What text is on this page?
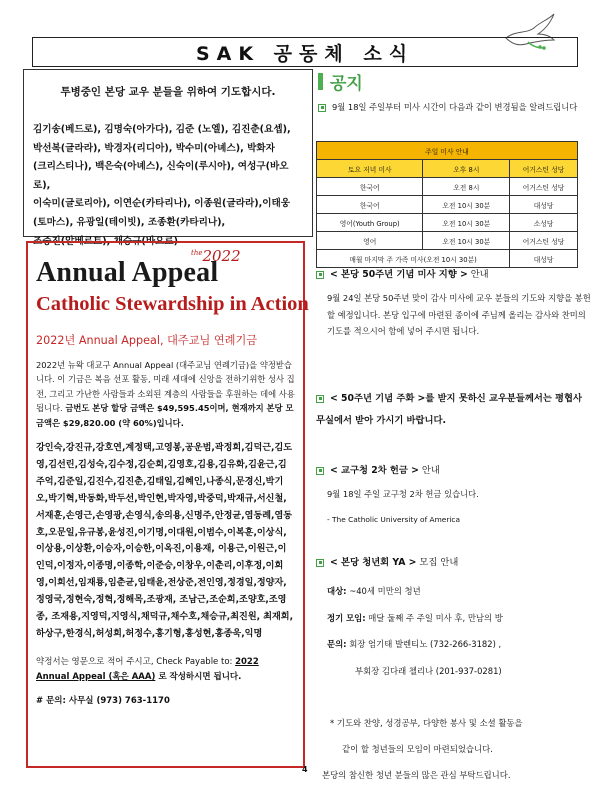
SAK 공동체 소식
투병중인 본당 교우 분들을 위하여 기도합시다.
김기송(베드로), 김명숙(아가다), 김준 (노엘), 김진춘(요셉),
박선복(글라라), 박경자(리디아), 박수미(아녜스), 박화자
(크리스티나), 백은숙(아녜스), 신숙이(루시아), 여성구(바오로),
이숙미(글로리아), 이연순(카타리나), 이종원(글라라),이태웅
(토마스), 유광일(테이빗), 조종환(카타리나),
조중진(알베르토), 채승규(바오로)
$^{the}$2022
Annual Appeal
Catholic Stewardship in Action
2022년 Annual Appeal, 대주교님 연례기금
2022년 뉴왁 대교구 Annual Appeal (대주교님 연례기금)을 약정받습니다. 이 기금은 복음 선포 활동, 미래 세대에 신앙을 전하기위한 성사 집전, 그리고 가난한 사람들과 소외된 계층의 사람들을 후원하는 데에 사용됩니다. 금번도 본당 할당 금액은 $49,595.45이며, 현재까지 본당 모금액은 $29,820.00 (약 60%)입니다.
강인숙,강진규,강호연,계정택,고영봉,공운범,곽정희,김덕근,김도영,김선린,김성숙,김수정,김순희,김영호,김용,김유화,김윤근,김주억,김준일,김진수,김진춘,김태일,김혜인,나종식,문경신,박기오,박기혁,박동화,박두선,박인현,박자영,박중덕,박재규,서신철,서재훈,손영근,손영광,손영식,송의용,신명주,안정균,염동례,염동호,오문일,유규봉,윤성진,이기명,이대원,이범수,이복훈,이상식,이상용,이상환,이승자,이승한,이옥진,이용재, 이용근,이원근,이인덕,이정자,이종명,이종학,이준승,이창우,이춘리,이후정,이희영,이희선,임재룡,임춘균,임태윤,전상준,전인영,정경일,정양자,정영국,정현숙,정혁,정해목,조광재, 조남근,조순희,조양호,조영종, 조재용,지영덕,지영식,채덕규,채수호,채승규,최진원, 최재희,하상구,한경식,허성희,허정수,홍기형,홍성현,홍종욱,익명
약정서는 영문으로 적어 주시고, Check Payable to: 2022 Annual Appeal (혹은 AAA) 로 작성하시면 됩니다.
# 문의: 사무실 (973) 763-1170
공지
9월 18일 주일부터 미사 시간이 다음과 같이 변경됨을 알려드립니다
주일 미사 안내		
토요 저녁 미사	오후 8시	어거스틴 성당
한국어	오전 8시	어거스틴 성당
한국어	오전 10시 30분	대성당
영어(Youth Group)	오전 10시 30분	소성당
영어	오전 10시 30분	어거스틴 성당
매월 마지막 주 가족 미사(오전 10시 30분)		대성당
< 본당 50주년 기념 미사 지향 > 안내
9월 24일 본당 50주년 맞이 감사 미사에 교우 분들의 기도와 지향을 봉헌할 예정입니다. 본당 입구에 마련된 종이에 주님께 올리는 감사와 찬미의 기도를 적으시어 함에 넣어 주시면 됩니다.
< 50주년 기념 주화 >를 받지 못하신 교우분들께서는 평협사무실에서 받아 가시기 바랍니다.
< 교구청 2차 헌금 > 안내
9월 18일 주일 교구청 2차 헌금 있습니다.
- The Catholic University of America
< 본당 청년회 YA > 모집 안내
대상: ~40세 미만의 청년
정기 모임: 매달 둘째 주 주일 미사 후, 만남의 방
문의: 회장 엄기태 발렌티노 (732-266-3182) ,
부회장 김다래 첼리나 (201-937-0281)
* 기도와 찬양, 성경공부, 다양한 봉사 및 소셜 활동을
같이 할 청년들의 모임이 마련되었습니다.
본당의 참신한 청년 분들의 많은 관심 부탁드립니다.
4
